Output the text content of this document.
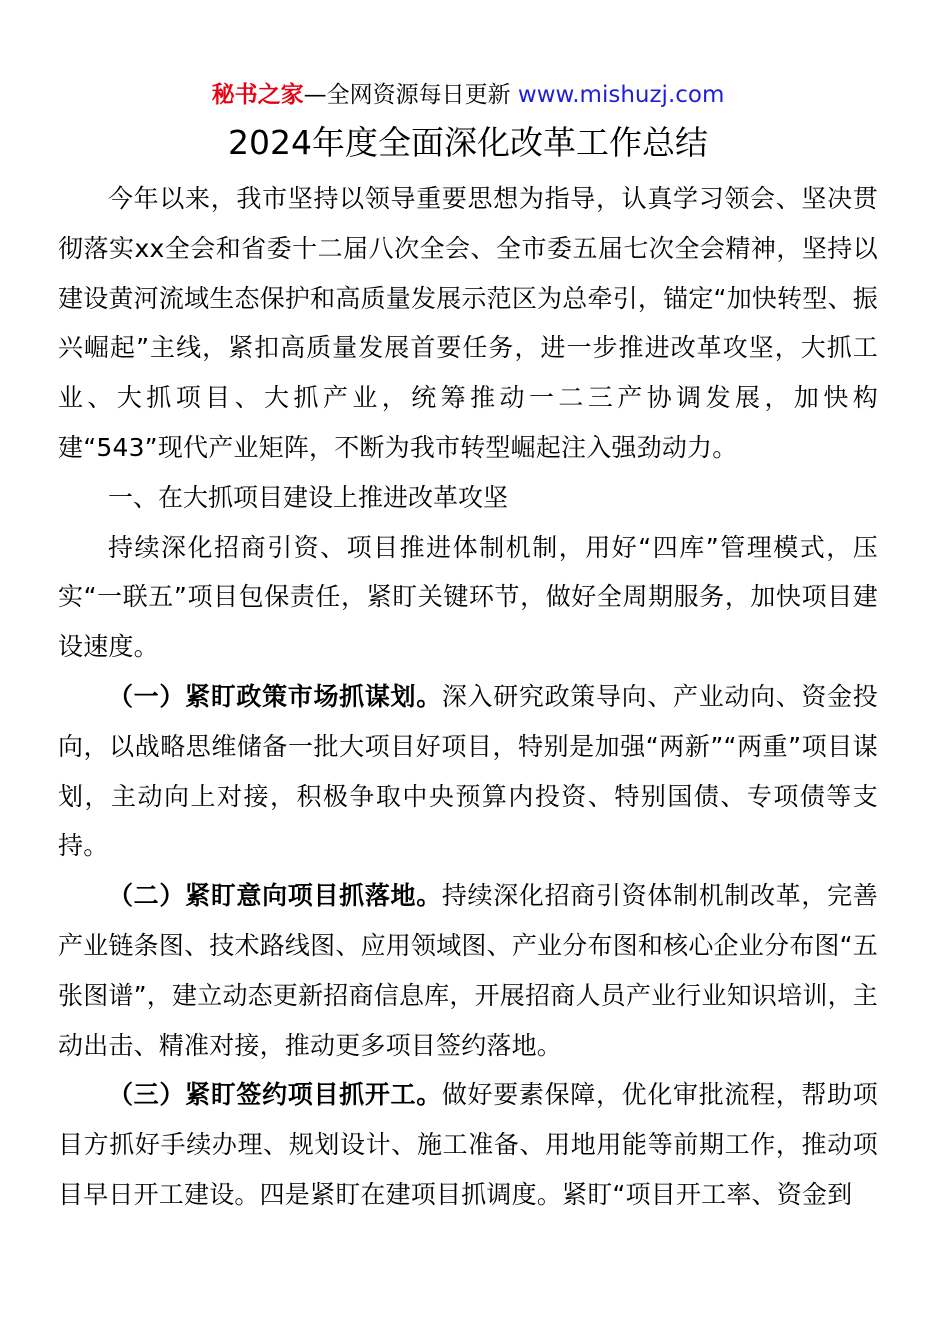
秘书之家—全网资源每日更新 www.mishuzj.com
2024年度全面深化改革工作总结

今年以来，我市坚持以领导重要思想为指导，认真学习领会、坚决贯彻落实xx全会和省委十二届八次全会、全市委五届七次全会精神，坚持以建设黄河流域生态保护和高质量发展示范区为总牵引，锚定“加快转型、振兴崛起”主线，紧扣高质量发展首要任务，进一步推进改革攻坚，大抓工业、大抓项目、大抓产业，统筹推动一二三产协调发展，加快构建“543”现代产业矩阵，不断为我市转型崛起注入强劲动力。

一、在大抓项目建设上推进改革攻坚

持续深化招商引资、项目推进体制机制，用好“四库”管理模式，压实“一联五”项目包保责任，紧盯关键环节，做好全周期服务，加快项目建设速度。

（一）紧盯政策市场抓谋划。深入研究政策导向、产业动向、资金投向，以战略思维储备一批大项目好项目，特别是加强“两新”“两重”项目谋划，主动向上对接，积极争取中央预算内投资、特别国债、专项债等支持。

（二）紧盯意向项目抓落地。持续深化招商引资体制机制改革，完善产业链条图、技术路线图、应用领域图、产业分布图和核心企业分布图“五张图谱”，建立动态更新招商信息库，开展招商人员产业行业知识培训，主动出击、精准对接，推动更多项目签约落地。

（三）紧盯签约项目抓开工。做好要素保障，优化审批流程，帮助项目方抓好手续办理、规划设计、施工准备、用地用能等前期工作，推动项目早日开工建设。四是紧盯在建项目抓调度。紧盯“项目开工率、资金到
